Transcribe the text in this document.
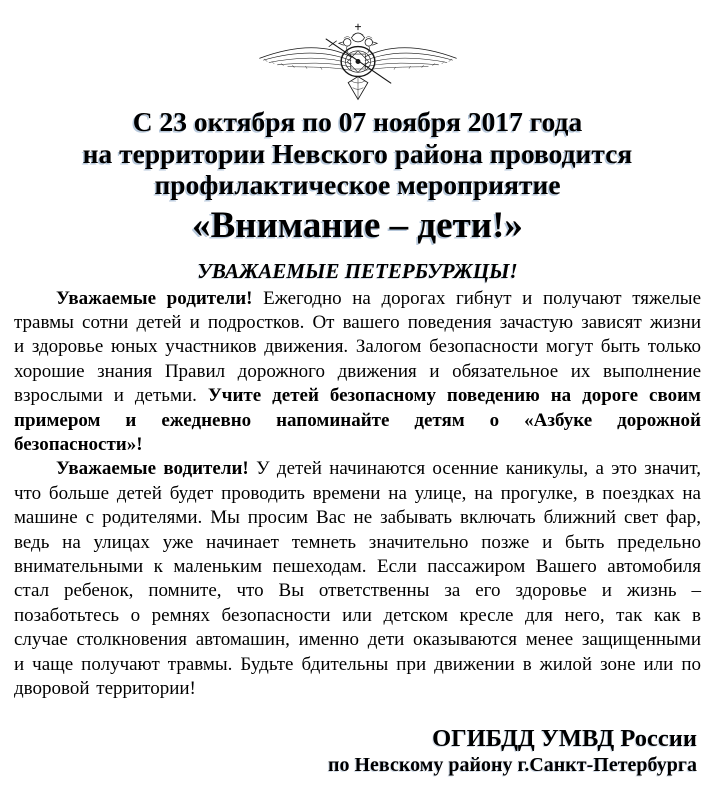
С 23 октября по 07 ноября 2017 года
на территории Невского района проводится
профилактическое мероприятие
«Внимание – дети!»
УВАЖАЕМЫЕ ПЕТЕРБУРЖЦЫ!

Уважаемые родители! Ежегодно на дорогах гибнут и получают тяжелые травмы сотни детей и подростков. От вашего поведения зачастую зависят жизни и здоровье юных участников движения. Залогом безопасности могут быть только хорошие знания Правил дорожного движения и обязательное их выполнение взрослыми и детьми. Учите детей безопасному поведению на дороге своим примером и ежедневно напоминайте детям о «Азбуке дорожной безопасности»!

Уважаемые водители! У детей начинаются осенние каникулы, а это значит, что больше детей будет проводить времени на улице, на прогулке, в поездках на машине с родителями. Мы просим Вас не забывать включать ближний свет фар, ведь на улицах уже начинает темнеть значительно позже и быть предельно внимательными к маленьким пешеходам. Если пассажиром Вашего автомобиля стал ребенок, помните, что Вы ответственны за его здоровье и жизнь – позаботьтесь о ремнях безопасности или детском кресле для него, так как в случае столкновения автомашин, именно дети оказываются менее защищенными и чаще получают травмы. Будьте бдительны при движении в жилой зоне или по дворовой территории!

ОГИБДД УМВД России
по Невскому району г.Санкт-Петербурга
